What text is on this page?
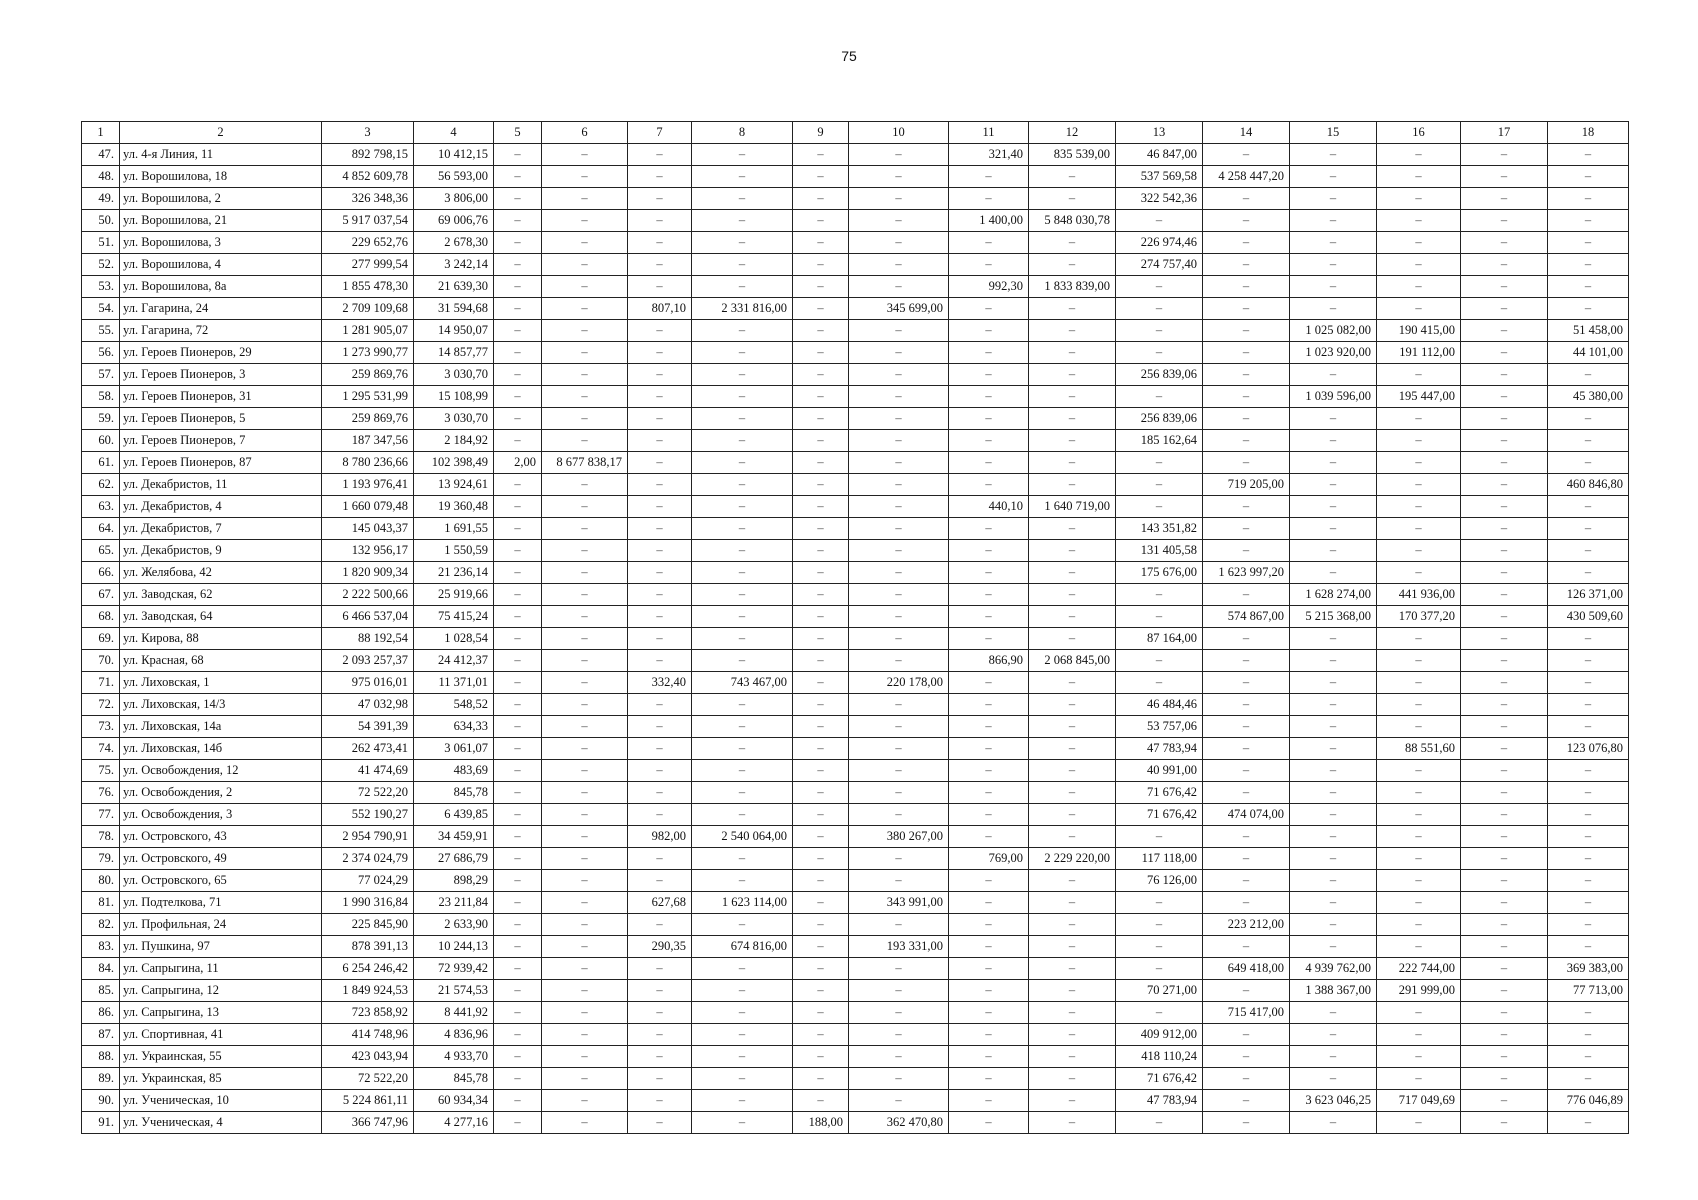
75
1	2	3	4	5	6	7	8	9	10	11	12	13	14	15	16	17	18
47.	ул. 4-я Линия, 11	892 798,15	10 412,15	–	–	–	–	–	–	321,40	835 539,00	46 847,00	–	–	–	–	–
48.	ул. Ворошилова, 18	4 852 609,78	56 593,00	–	–	–	–	–	–	–	–	537 569,58	4 258 447,20	–	–	–	–
49.	ул. Ворошилова, 2	326 348,36	3 806,00	–	–	–	–	–	–	–	–	322 542,36	–	–	–	–	–
50.	ул. Ворошилова, 21	5 917 037,54	69 006,76	–	–	–	–	–	–	1 400,00	5 848 030,78	–	–	–	–	–	–
51.	ул. Ворошилова, 3	229 652,76	2 678,30	–	–	–	–	–	–	–	–	226 974,46	–	–	–	–	–
52.	ул. Ворошилова, 4	277 999,54	3 242,14	–	–	–	–	–	–	–	–	274 757,40	–	–	–	–	–
53.	ул. Ворошилова, 8а	1 855 478,30	21 639,30	–	–	–	–	–	–	992,30	1 833 839,00	–	–	–	–	–	–
54.	ул. Гагарина, 24	2 709 109,68	31 594,68	–	–	807,10	2 331 816,00	–	345 699,00	–	–	–	–	–	–	–	–
55.	ул. Гагарина, 72	1 281 905,07	14 950,07	–	–	–	–	–	–	–	–	–	–	1 025 082,00	190 415,00	–	51 458,00
56.	ул. Героев Пионеров, 29	1 273 990,77	14 857,77	–	–	–	–	–	–	–	–	–	–	1 023 920,00	191 112,00	–	44 101,00
57.	ул. Героев Пионеров, 3	259 869,76	3 030,70	–	–	–	–	–	–	–	–	256 839,06	–	–	–	–	–
58.	ул. Героев Пионеров, 31	1 295 531,99	15 108,99	–	–	–	–	–	–	–	–	–	–	1 039 596,00	195 447,00	–	45 380,00
59.	ул. Героев Пионеров, 5	259 869,76	3 030,70	–	–	–	–	–	–	–	–	256 839,06	–	–	–	–	–
60.	ул. Героев Пионеров, 7	187 347,56	2 184,92	–	–	–	–	–	–	–	–	185 162,64	–	–	–	–	–
61.	ул. Героев Пионеров, 87	8 780 236,66	102 398,49	2,00	8 677 838,17	–	–	–	–	–	–	–	–	–	–	–	–
62.	ул. Декабристов, 11	1 193 976,41	13 924,61	–	–	–	–	–	–	–	–	–	719 205,00	–	–	–	460 846,80
63.	ул. Декабристов, 4	1 660 079,48	19 360,48	–	–	–	–	–	–	440,10	1 640 719,00	–	–	–	–	–	–
64.	ул. Декабристов, 7	145 043,37	1 691,55	–	–	–	–	–	–	–	–	143 351,82	–	–	–	–	–
65.	ул. Декабристов, 9	132 956,17	1 550,59	–	–	–	–	–	–	–	–	131 405,58	–	–	–	–	–
66.	ул. Желябова, 42	1 820 909,34	21 236,14	–	–	–	–	–	–	–	–	175 676,00	1 623 997,20	–	–	–	–
67.	ул. Заводская, 62	2 222 500,66	25 919,66	–	–	–	–	–	–	–	–	–	–	1 628 274,00	441 936,00	–	126 371,00
68.	ул. Заводская, 64	6 466 537,04	75 415,24	–	–	–	–	–	–	–	–	–	574 867,00	5 215 368,00	170 377,20	–	430 509,60
69.	ул. Кирова, 88	88 192,54	1 028,54	–	–	–	–	–	–	–	–	87 164,00	–	–	–	–	–
70.	ул. Красная, 68	2 093 257,37	24 412,37	–	–	–	–	–	–	866,90	2 068 845,00	–	–	–	–	–	–
71.	ул. Лиховская, 1	975 016,01	11 371,01	–	–	332,40	743 467,00	–	220 178,00	–	–	–	–	–	–	–	–
72.	ул. Лиховская, 14/3	47 032,98	548,52	–	–	–	–	–	–	–	–	46 484,46	–	–	–	–	–
73.	ул. Лиховская, 14а	54 391,39	634,33	–	–	–	–	–	–	–	–	53 757,06	–	–	–	–	–
74.	ул. Лиховская, 14б	262 473,41	3 061,07	–	–	–	–	–	–	–	–	47 783,94	–	–	88 551,60	–	123 076,80
75.	ул. Освобождения, 12	41 474,69	483,69	–	–	–	–	–	–	–	–	40 991,00	–	–	–	–	–
76.	ул. Освобождения, 2	72 522,20	845,78	–	–	–	–	–	–	–	–	71 676,42	–	–	–	–	–
77.	ул. Освобождения, 3	552 190,27	6 439,85	–	–	–	–	–	–	–	–	71 676,42	474 074,00	–	–	–	–
78.	ул. Островского, 43	2 954 790,91	34 459,91	–	–	982,00	2 540 064,00	–	380 267,00	–	–	–	–	–	–	–	–
79.	ул. Островского, 49	2 374 024,79	27 686,79	–	–	–	–	–	–	769,00	2 229 220,00	117 118,00	–	–	–	–	–
80.	ул. Островского, 65	77 024,29	898,29	–	–	–	–	–	–	–	–	76 126,00	–	–	–	–	–
81.	ул. Подтелкова, 71	1 990 316,84	23 211,84	–	–	627,68	1 623 114,00	–	343 991,00	–	–	–	–	–	–	–	–
82.	ул. Профильная, 24	225 845,90	2 633,90	–	–	–	–	–	–	–	–	–	223 212,00	–	–	–	–
83.	ул. Пушкина, 97	878 391,13	10 244,13	–	–	290,35	674 816,00	–	193 331,00	–	–	–	–	–	–	–	–
84.	ул. Сапрыгина, 11	6 254 246,42	72 939,42	–	–	–	–	–	–	–	–	–	649 418,00	4 939 762,00	222 744,00	–	369 383,00
85.	ул. Сапрыгина, 12	1 849 924,53	21 574,53	–	–	–	–	–	–	–	–	70 271,00	–	1 388 367,00	291 999,00	–	77 713,00
86.	ул. Сапрыгина, 13	723 858,92	8 441,92	–	–	–	–	–	–	–	–	–	715 417,00	–	–	–	–
87.	ул. Спортивная, 41	414 748,96	4 836,96	–	–	–	–	–	–	–	–	409 912,00	–	–	–	–	–
88.	ул. Украинская, 55	423 043,94	4 933,70	–	–	–	–	–	–	–	–	418 110,24	–	–	–	–	–
89.	ул. Украинская, 85	72 522,20	845,78	–	–	–	–	–	–	–	–	71 676,42	–	–	–	–	–
90.	ул. Ученическая, 10	5 224 861,11	60 934,34	–	–	–	–	–	–	–	–	47 783,94	–	3 623 046,25	717 049,69	–	776 046,89
91.	ул. Ученическая, 4	366 747,96	4 277,16	–	–	–	–	188,00	362 470,80	–	–	–	–	–	–	–	–
